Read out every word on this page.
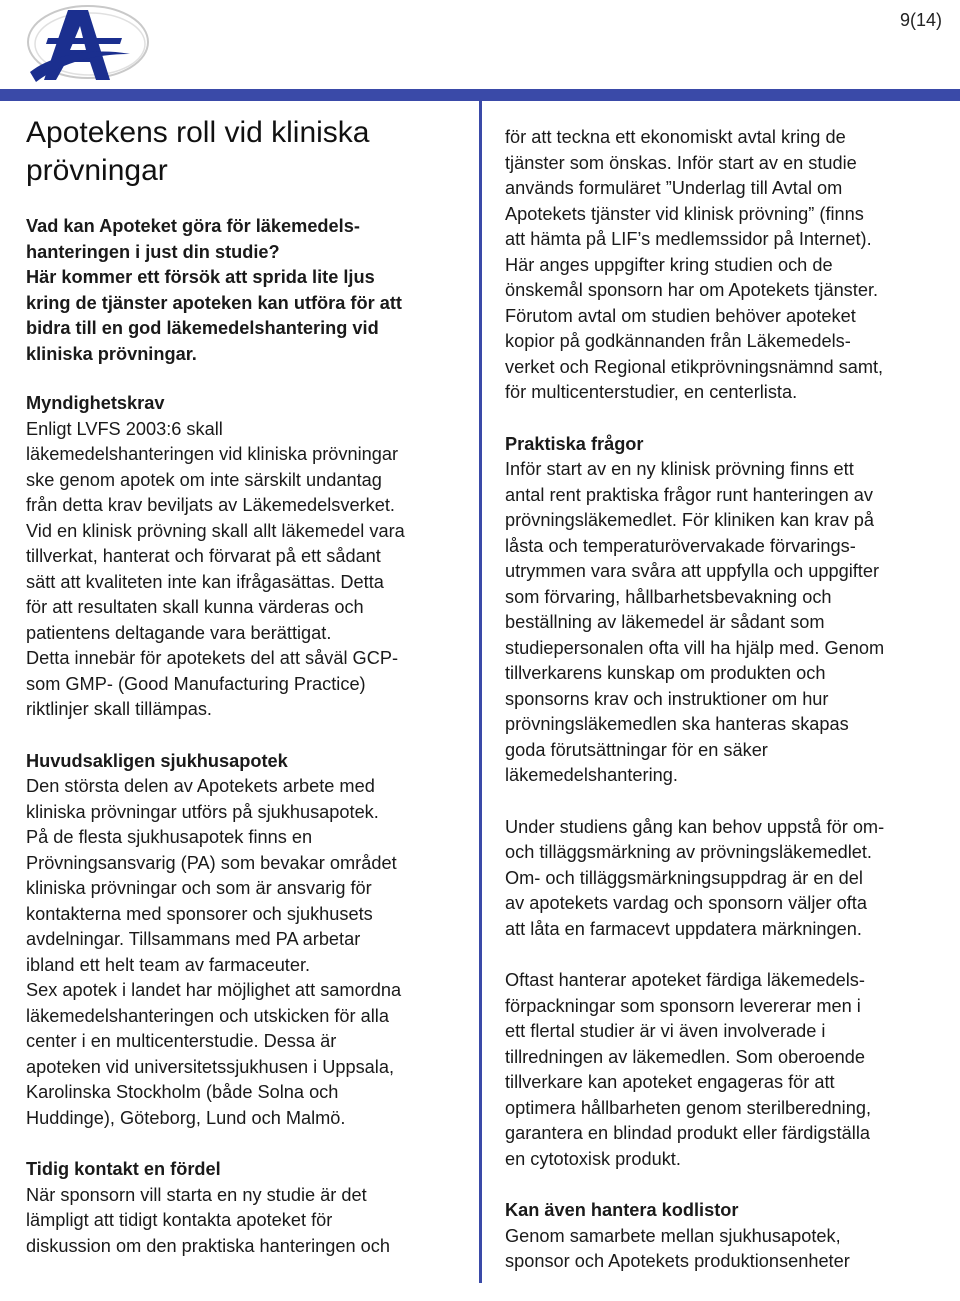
9(14)
Apotekens roll vid kliniska prövningar
Vad kan Apoteket göra för läkemedels-
hanteringen i just din studie?
Här kommer ett försök att sprida lite ljus
kring de tjänster apoteken kan utföra för att
bidra till en god läkemedelshantering vid
kliniska prövningar.
Myndighetskrav
Enligt LVFS 2003:6 skall
läkemedelshanteringen vid kliniska prövningar
ske genom apotek om inte särskilt undantag
från detta krav beviljats av Läkemedelsverket.
Vid en klinisk prövning skall allt läkemedel vara
tillverkat, hanterat och förvarat på ett sådant
sätt att kvaliteten inte kan ifrågasättas. Detta
för att resultaten skall kunna värderas och
patientens deltagande vara berättigat.
Detta innebär för apotekets del att såväl GCP-
som GMP- (Good Manufacturing Practice)
riktlinjer skall tillämpas.
Huvudsakligen sjukhusapotek
Den största delen av Apotekets arbete med
kliniska prövningar utförs på sjukhusapotek.
På de flesta sjukhusapotek finns en
Prövningsansvarig (PA) som bevakar området
kliniska prövningar och som är ansvarig för
kontakterna med sponsorer och sjukhusets
avdelningar. Tillsammans med PA arbetar
ibland ett helt team av farmaceuter.
Sex apotek i landet har möjlighet att samordna
läkemedelshanteringen och utskicken för alla
center i en multicenterstudie. Dessa är
apoteken vid universitetssjukhusen i Uppsala,
Karolinska Stockholm (både Solna och
Huddinge), Göteborg, Lund och Malmö.
Tidig kontakt en fördel
När sponsorn vill starta en ny studie är det
lämpligt att tidigt kontakta apoteket för
diskussion om den praktiska hanteringen och
för att teckna ett ekonomiskt avtal kring de
tjänster som önskas. Inför start av en studie
används formuläret ”Underlag till Avtal om
Apotekets tjänster vid klinisk prövning” (finns
att hämta på LIF’s medlemssidor på Internet).
Här anges uppgifter kring studien och de
önskemål sponsorn har om Apotekets tjänster.
Förutom avtal om studien behöver apoteket
kopior på godkännanden från Läkemedels-
verket och Regional etikprövningsnämnd samt,
för multicenterstudier, en centerlista.
Praktiska frågor
Inför start av en ny klinisk prövning finns ett
antal rent praktiska frågor runt hanteringen av
prövningsläkemedlet. För kliniken kan krav på
låsta och temperaturövervakade förvarings-
utrymmen vara svåra att uppfylla och uppgifter
som förvaring, hållbarhetsbevakning och
beställning av läkemedel är sådant som
studiepersonalen ofta vill ha hjälp med. Genom
tillverkarens kunskap om produkten och
sponsorns krav och instruktioner om hur
prövningsläkemedlen ska hanteras skapas
goda förutsättningar för en säker
läkemedelshantering.
Under studiens gång kan behov uppstå för om-
och tilläggsmärkning av prövningsläkemedlet.
Om- och tilläggsmärkningsuppdrag är en del
av apotekets vardag och sponsorn väljer ofta
att låta en farmacevt uppdatera märkningen.
Oftast hanterar apoteket färdiga läkemedels-
förpackningar som sponsorn levererar men i
ett flertal studier är vi även involverade i
tillredningen av läkemedlen. Som oberoende
tillverkare kan apoteket engageras för att
optimera hållbarheten genom sterilberedning,
garantera en blindad produkt eller färdigställa
en cytotoxisk produkt.
Kan även hantera kodlistor
Genom samarbete mellan sjukhusapotek,
sponsor och Apotekets produktionsenheter
